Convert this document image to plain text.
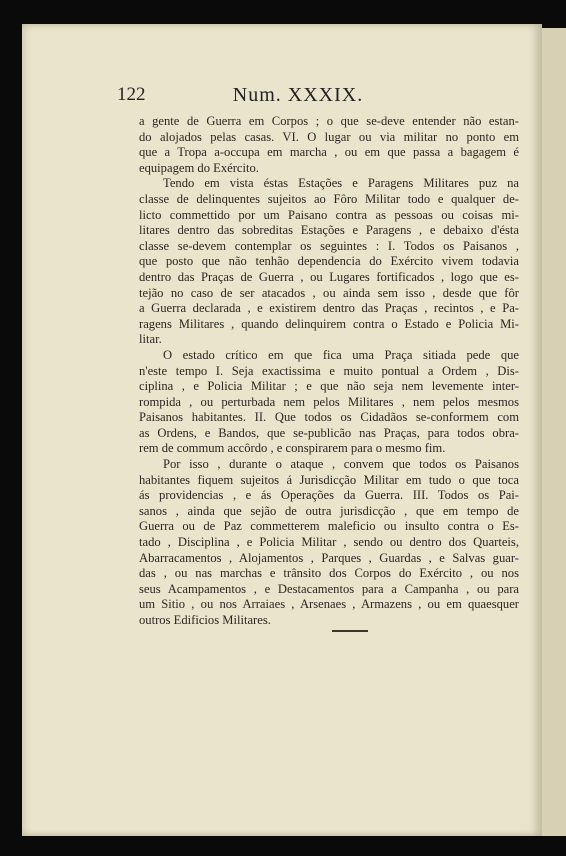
122	Num. XXXIX.

a gente de Guerra em Corpos ; o que se-deve entender não estan-
do alojados pelas casas. VI. O lugar ou via militar no ponto em
que a Tropa a-occupa em marcha , ou em que passa a bagagem é
equipagem do Exército.

Tendo em vista éstas Estações e Paragens Militares puz na
classe de delinquentes sujeitos ao Fôro Militar todo e qualquer de-
licto commettido por um Paisano contra as pessoas ou coisas mi-
litares dentro das sobreditas Estações e Paragens , e debaixo d'ésta
classe se-devem contemplar os seguintes : I. Todos os Paisanos ,
que posto que não tenhão dependencia do Exército vivem todavia
dentro das Praças de Guerra , ou Lugares fortificados , logo que es-
tejão no caso de ser atacados , ou ainda sem isso , desde que fôr
a Guerra declarada , e existirem dentro das Praças , recintos , e Pa-
ragens Militares , quando delinquirem contra o Estado e Policia Mi-
litar.

O estado crítico em que fica uma Praça sitiada pede que
n'este tempo I. Seja exactissima e muito pontual a Ordem , Dis-
ciplina , e Policia Militar ; e que não seja nem levemente inter-
rompida , ou perturbada nem pelos Militares , nem pelos mesmos
Paisanos habitantes. II. Que todos os Cidadãos se-conformem com
as Ordens, e Bandos, que se-publicão nas Praças, para todos obra-
rem de commum accôrdo , e conspirarem para o mesmo fim.

Por isso , durante o ataque , convem que todos os Paisanos
habitantes fiquem sujeitos á Jurisdicção Militar em tudo o que toca
ás providencias , e ás Operações da Guerra. III. Todos os Pai-
sanos , ainda que sejão de outra jurisdicção , que em tempo de
Guerra ou de Paz commetterem maleficio ou insulto contra o Es-
tado , Disciplina , e Policia Militar , sendo ou dentro dos Quarteis,
Abarracamentos , Alojamentos , Parques , Guardas , e Salvas guar-
das , ou nas marchas e trânsito dos Corpos do Exército , ou nos
seus Acampamentos , e Destacamentos para a Campanha , ou para
um Sitio , ou nos Arraiaes , Arsenaes , Armazens , ou em quaesquer
outros Edificios Militares.
